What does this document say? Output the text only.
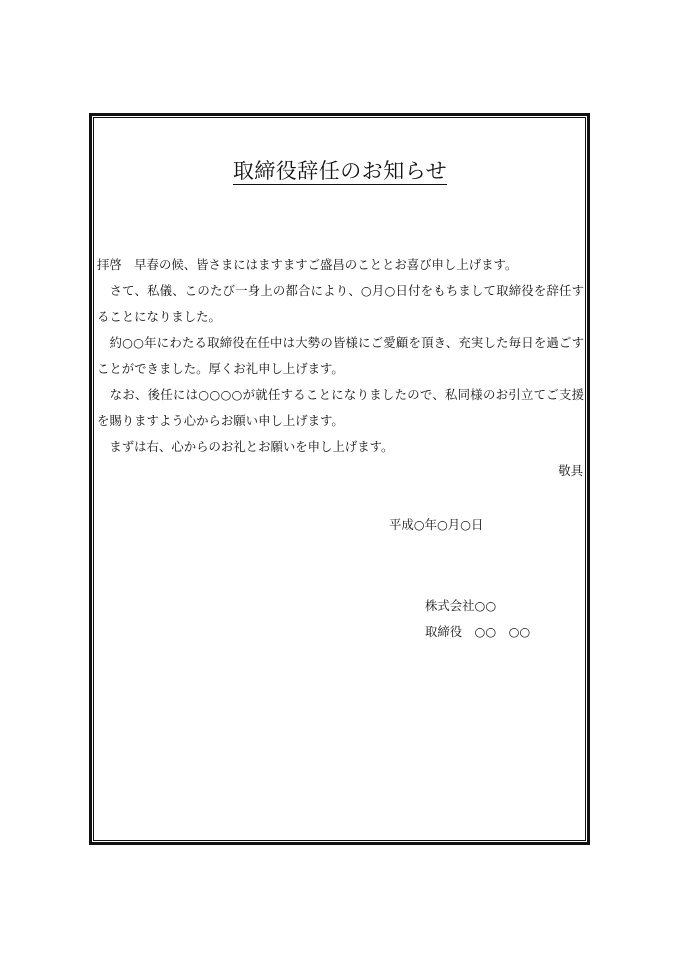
取締役辞任のお知らせ

拝啓　早春の候、皆さまにはますますご盛昌のこととお喜び申し上げます。

　さて、私儀、このたび一身上の都合により、○月○日付をもちまして取締役を辞任することになりました。

　約○○年にわたる取締役在任中は大勢の皆様にご愛顧を頂き、充実した毎日を過ごすことができました。厚くお礼申し上げます。

　なお、後任には○○○○が就任することになりましたので、私同様のお引立てご支援を賜りますよう心からお願い申し上げます。

　まずは右、心からのお礼とお願いを申し上げます。

敬具
平成○年○月○日
株式会社○○
取締役　○○　○○
